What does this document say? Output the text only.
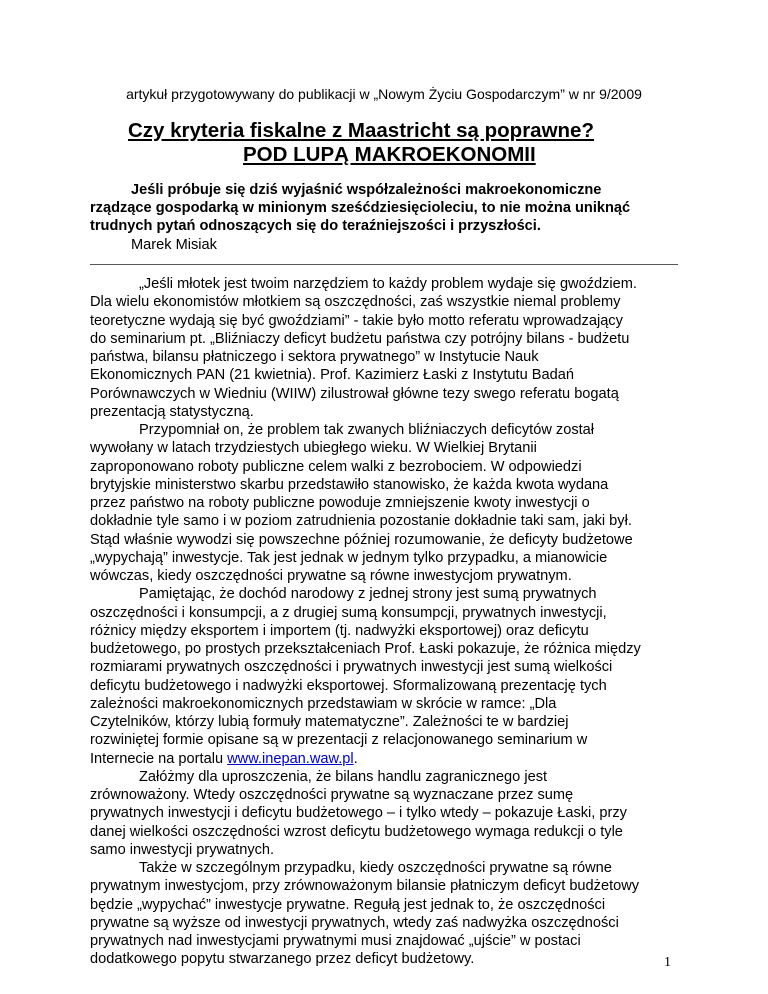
artykuł przygotowywany do publikacji w „Nowym Życiu Gospodarczym” w nr 9/2009
Czy kryteria fiskalne z Maastricht są poprawne?
POD LUPĄ MAKROEKONOMII
Jeśli próbuje się dziś wyjaśnić współzależności makroekonomiczne
rządzące gospodarką w minionym sześćdziesięcioleciu, to nie można uniknąć
trudnych pytań odnoszących się do teraźniejszości i przyszłości.
Marek Misiak
„Jeśli młotek jest twoim narzędziem to każdy problem wydaje się gwoździem.
Dla wielu ekonomistów młotkiem są oszczędności, zaś wszystkie niemal problemy
teoretyczne wydają się być gwoździami” - takie było motto referatu wprowadzający
do seminarium pt. „Bliźniaczy deficyt budżetu państwa czy potrójny bilans - budżetu
państwa, bilansu płatniczego i sektora prywatnego” w Instytucie Nauk
Ekonomicznych PAN (21 kwietnia). Prof. Kazimierz Łaski z Instytutu Badań
Porównawczych w Wiedniu (WIIW) zilustrował główne tezy swego referatu bogatą
prezentacją statystyczną.
Przypomniał on, że problem tak zwanych bliźniaczych deficytów został
wywołany w latach trzydziestych ubiegłego wieku. W Wielkiej Brytanii
zaproponowano roboty publiczne celem walki z bezrobociem. W odpowiedzi
brytyjskie ministerstwo skarbu przedstawiło stanowisko, że każda kwota wydana
przez państwo na roboty publiczne powoduje zmniejszenie kwoty inwestycji o
dokładnie tyle samo i w poziom zatrudnienia pozostanie dokładnie taki sam, jaki był.
Stąd właśnie wywodzi się powszechne później rozumowanie, że deficyty budżetowe
„wypychają” inwestycje. Tak jest jednak w jednym tylko przypadku, a mianowicie
wówczas, kiedy oszczędności prywatne są równe inwestycjom prywatnym.
Pamiętając, że dochód narodowy z jednej strony jest sumą prywatnych
oszczędności i konsumpcji, a z drugiej sumą konsumpcji, prywatnych inwestycji,
różnicy między eksportem i importem (tj. nadwyżki eksportowej) oraz deficytu
budżetowego, po prostych przekształceniach Prof. Łaski pokazuje, że różnica między
rozmiarami prywatnych oszczędności i prywatnych inwestycji jest sumą wielkości
deficytu budżetowego i nadwyżki eksportowej. Sformalizowaną prezentację tych
zależności makroekonomicznych przedstawiam w skrócie w ramce: „Dla
Czytelników, którzy lubią formuły matematyczne”. Zależności te w bardziej
rozwiniętej formie opisane są w prezentacji z relacjonowanego seminarium w
Internecie na portalu www.inepan.waw.pl.
Załóżmy dla uproszczenia, że bilans handlu zagranicznego jest
zrównoważony. Wtedy oszczędności prywatne są wyznaczane przez sumę
prywatnych inwestycji i deficytu budżetowego – i tylko wtedy – pokazuje Łaski, przy
danej wielkości oszczędności wzrost deficytu budżetowego wymaga redukcji o tyle
samo inwestycji prywatnych.
Także w szczególnym przypadku, kiedy oszczędności prywatne są równe
prywatnym inwestycjom, przy zrównoważonym bilansie płatniczym deficyt budżetowy
będzie „wypychać” inwestycje prywatne. Regułą jest jednak to, że oszczędności
prywatne są wyższe od inwestycji prywatnych, wtedy zaś nadwyżka oszczędności
prywatnych nad inwestycjami prywatnymi musi znajdować „ujście” w postaci
dodatkowego popytu stwarzanego przez deficyt budżetowy.	1
